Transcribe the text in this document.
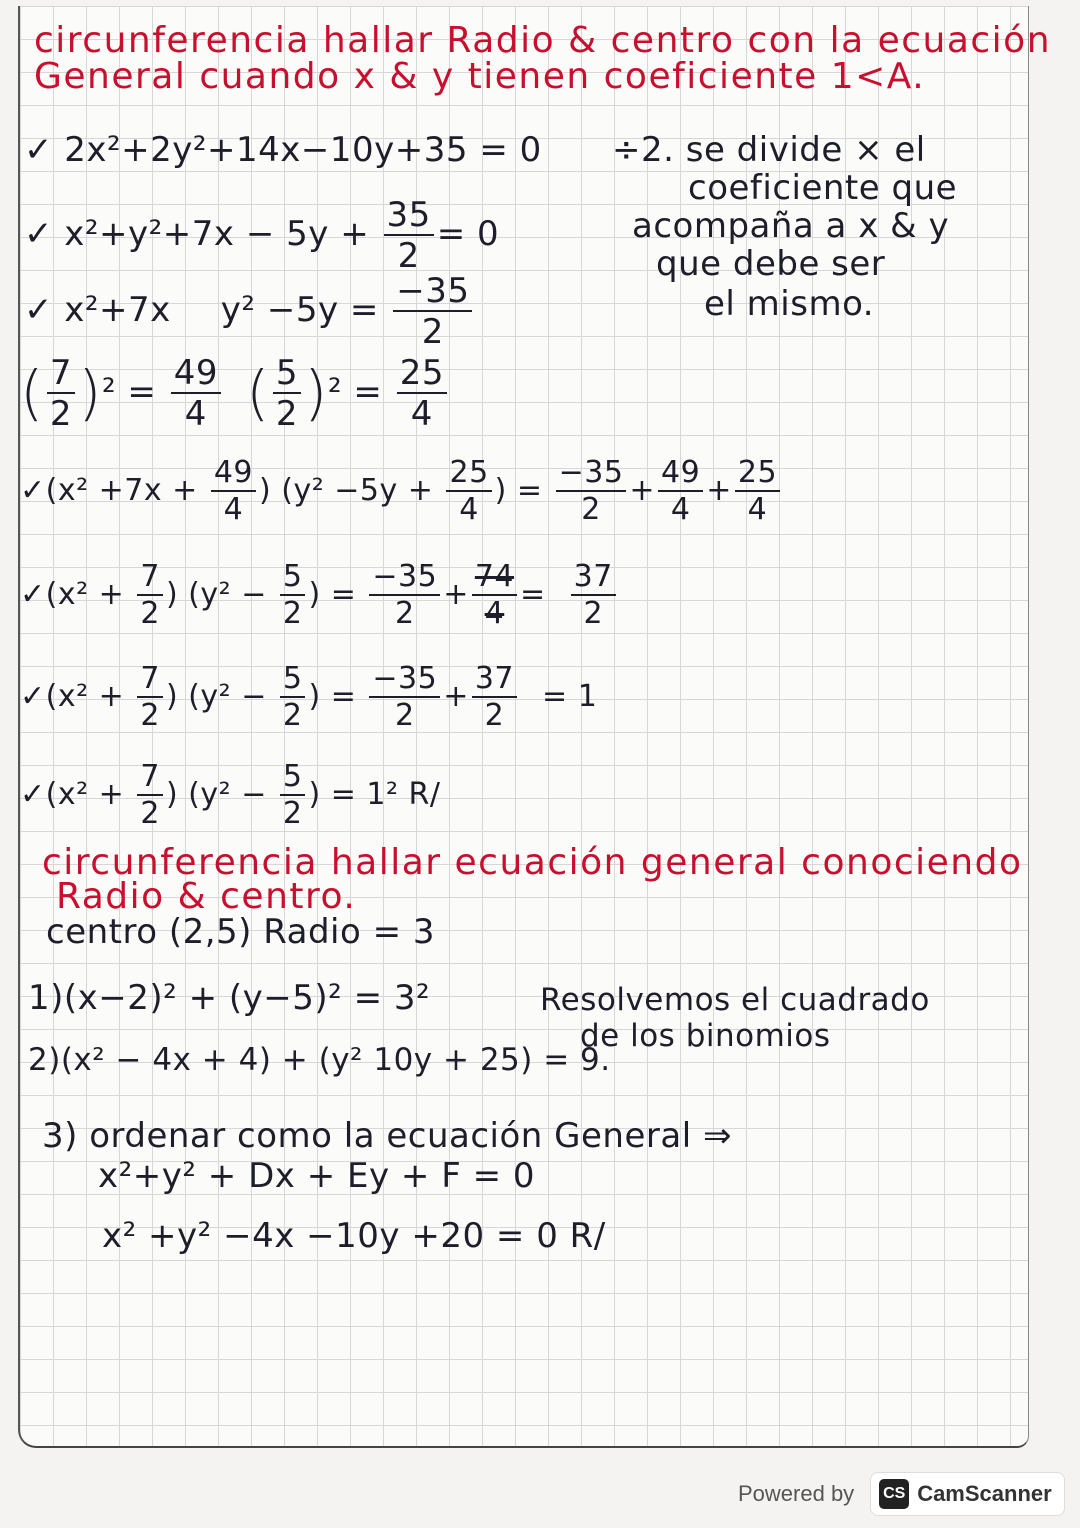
circunferencia hallar Radio & centro con la ecuación
General cuando x & y tienen coeficiente 1<A.
✓ 2x²+2y²+14x−10y+35 = 0 ÷2. se divide × el
coeficiente que
✓ $x^2+y^2+7x - 5y + \frac{35}{2} = 0$	acompaña a x & y
que debe ser
✓ x²+7x $y^2 -5y = \frac{-35}{2}$	el mismo.
( $\frac{7}{2} )^2 = \frac{49}{4}$ ( $\frac{5}{2} )^2 = \frac{25}{4}$
✓(x² $+7x + \frac{49}{4}$ ) ($y^2 -5y + \frac{25}{4}$ ) = $\frac{-35}{2} + \frac{49}{4} + \frac{25}{4}$
✓(x² + $\frac{7}{2}$ ) ($y^2 - \frac{5}{2}$ ) = $\frac{-35}{2} + \frac{74}{4} = \frac{37}{2}$
✓(x² + $\frac{7}{2}$ ) ($y^2 - \frac{5}{2}$ ) = $\frac{-35}{2} + \frac{37}{2} = 1$
✓(x² + $\frac{7}{2}$ ) ($y^2 - \frac{5}{2}$ ) = 1² R/
circunferencia hallar ecuación general conociendo
Radio & centro.
centro (2,5) Radio = 3
1)(x−2)² + (y−5)² = 3²	Resolvemos el cuadrado
de los binomios
2)(x² − 4x + 4) + (y² 10y + 25) = 9.
3) ordenar como la ecuación General ⇒
x²+y² + Dx + Ey + F = 0
x² +y² −4x −10y +20 = 0 R/
Powered by CS CamScanner
